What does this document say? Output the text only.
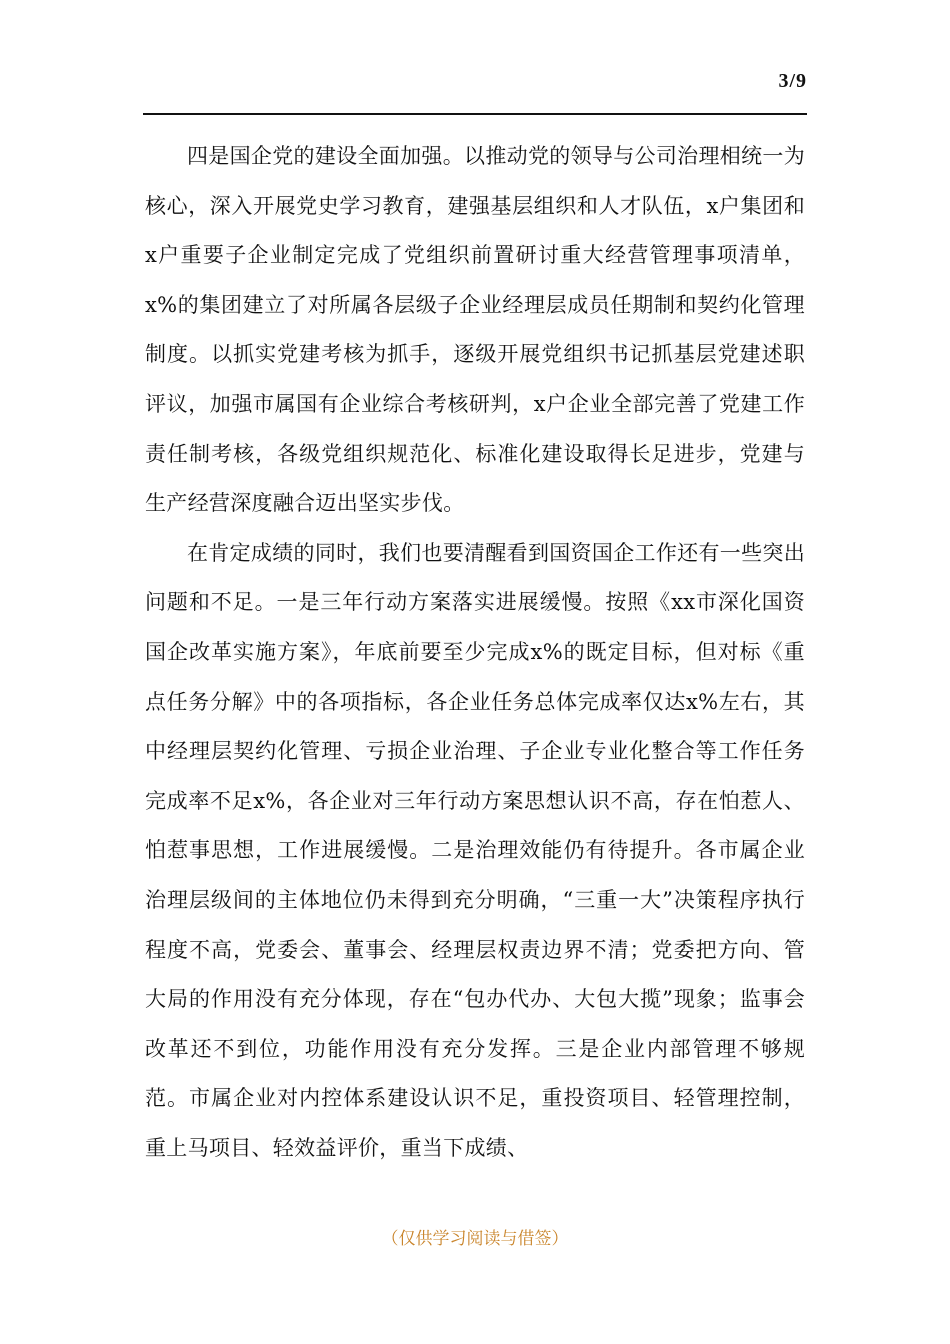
3/9

四是国企党的建设全面加强。以推动党的领导与公司治理相统一为核心，深入开展党史学习教育，建强基层组织和人才队伍，x户集团和x户重要子企业制定完成了党组织前置研讨重大经营管理事项清单，x%的集团建立了对所属各层级子企业经理层成员任期制和契约化管理制度。以抓实党建考核为抓手，逐级开展党组织书记抓基层党建述职评议，加强市属国有企业综合考核研判，x户企业全部完善了党建工作责任制考核，各级党组织规范化、标准化建设取得长足进步，党建与生产经营深度融合迈出坚实步伐。

在肯定成绩的同时，我们也要清醒看到国资国企工作还有一些突出问题和不足。一是三年行动方案落实进展缓慢。按照《xx市深化国资国企改革实施方案》，年底前要至少完成x%的既定目标，但对标《重点任务分解》中的各项指标，各企业任务总体完成率仅达x%左右，其中经理层契约化管理、亏损企业治理、子企业专业化整合等工作任务完成率不足x%，各企业对三年行动方案思想认识不高，存在怕惹人、怕惹事思想，工作进展缓慢。二是治理效能仍有待提升。各市属企业治理层级间的主体地位仍未得到充分明确，“三重一大”决策程序执行程度不高，党委会、董事会、经理层权责边界不清；党委把方向、管大局的作用没有充分体现，存在“包办代办、大包大揽”现象；监事会改革还不到位，功能作用没有充分发挥。三是企业内部管理不够规范。市属企业对内控体系建设认识不足，重投资项目、轻管理控制，重上马项目、轻效益评价，重当下成绩、

（仅供学习阅读与借签）
